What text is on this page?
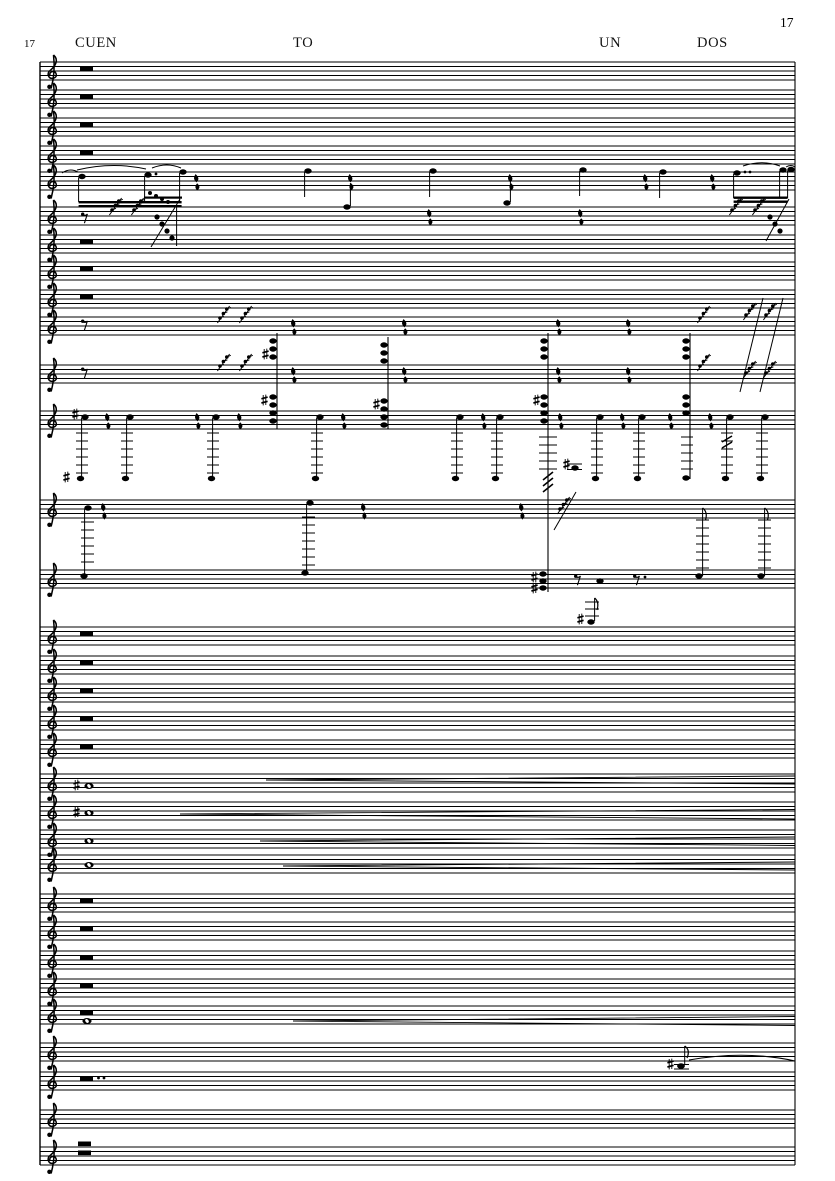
17
17
CUEN	TO	UN	DOS
